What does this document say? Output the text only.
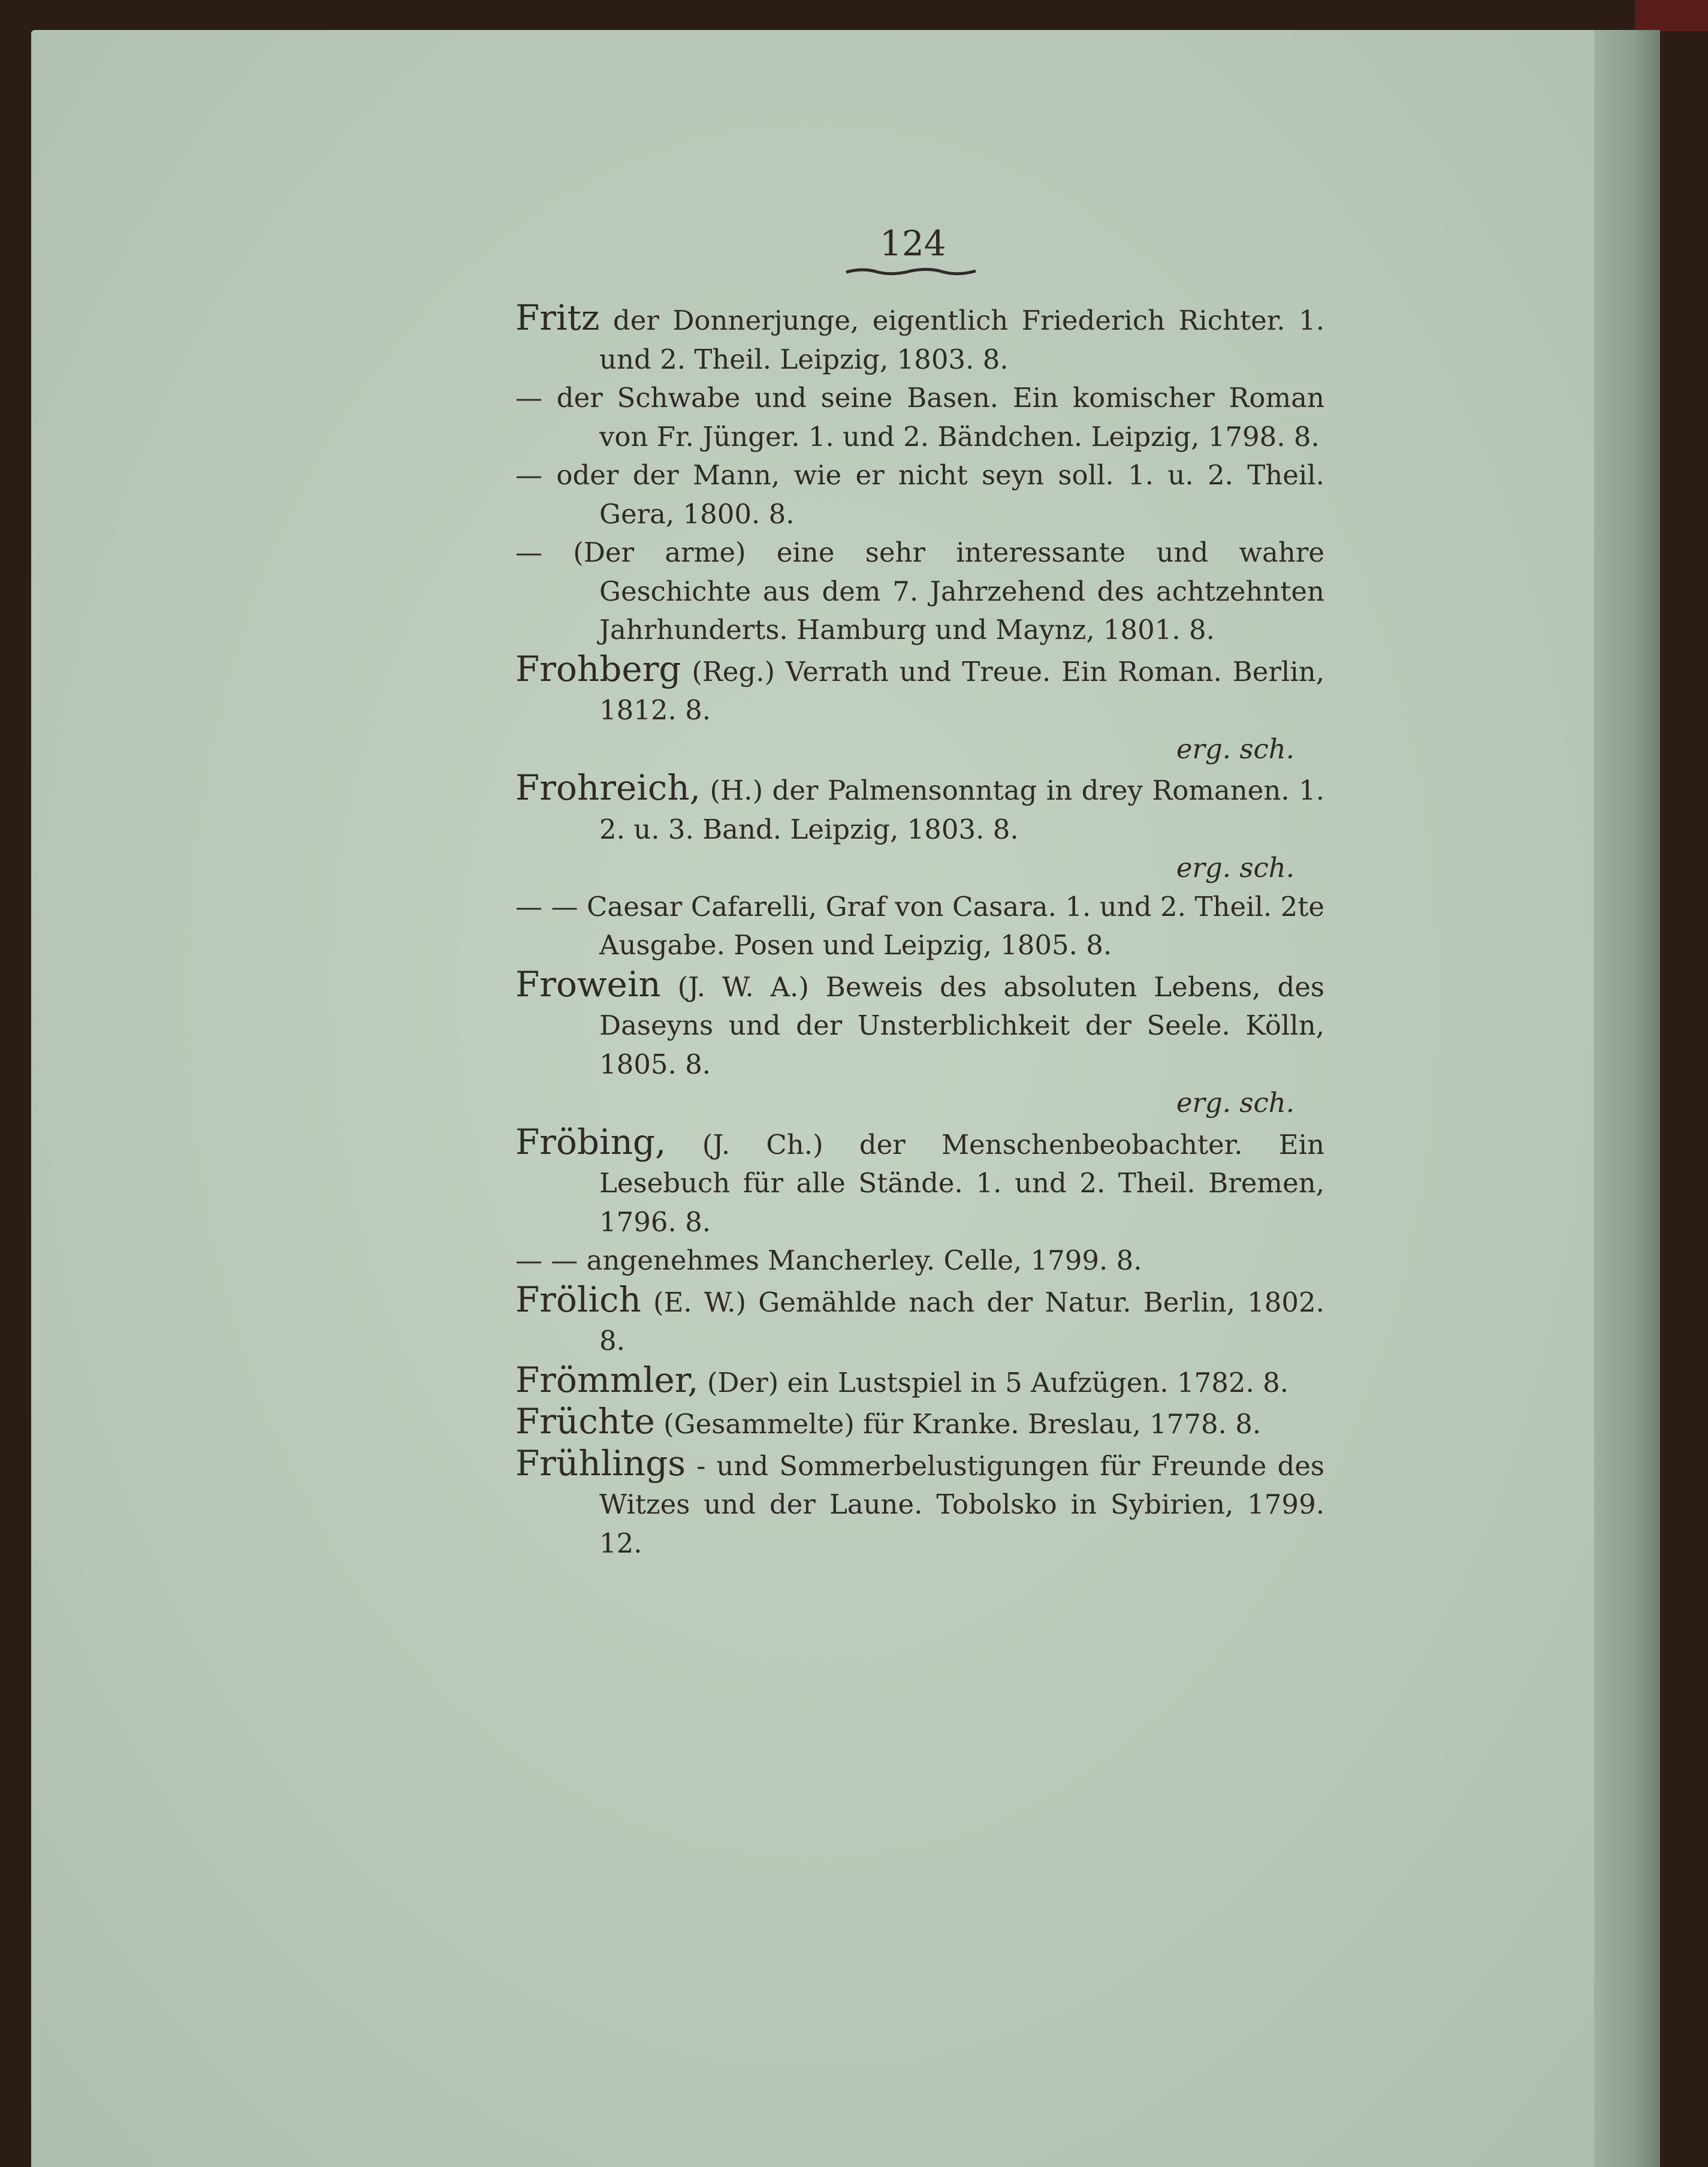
124
Fritz der Donnerjunge, eigentlich Friederich Richter. 1. und 2. Theil. Leipzig, 1803. 8.
— der Schwabe und seine Basen. Ein komischer Roman von Fr. Jünger. 1. und 2. Bändchen. Leipzig, 1798. 8.
— oder der Mann, wie er nicht seyn soll. 1. u. 2. Theil. Gera, 1800. 8.
— (Der arme) eine sehr interessante und wahre Geschichte aus dem 7. Jahrzehend des achtzehnten Jahrhunderts. Hamburg und Maynz, 1801. 8.
Frohberg (Reg.) Verrath und Treue. Ein Roman. Berlin, 1812. 8.
erg. sch.
Frohreich, (H.) der Palmensonntag in drey Romanen. 1. 2. u. 3. Band. Leipzig, 1803. 8.
erg. sch.
— — Caesar Cafarelli, Graf von Casara. 1. und 2. Theil. 2te Ausgabe. Posen und Leipzig, 1805. 8.
Frowein (J. W. A.) Beweis des absoluten Lebens, des Daseyns und der Unsterblichkeit der Seele. Kölln, 1805. 8.
erg. sch.
Fröbing, (J. Ch.) der Menschenbeobachter. Ein Lesebuch für alle Stände. 1. und 2. Theil. Bremen, 1796. 8.
— — angenehmes Mancherley. Celle, 1799. 8.
Frölich (E. W.) Gemählde nach der Natur. Berlin, 1802. 8.
Frömmler, (Der) ein Lustspiel in 5 Aufzügen. 1782. 8.
Früchte (Gesammelte) für Kranke. Breslau, 1778. 8.
Frühlings - und Sommerbelustigungen für Freunde des Witzes und der Laune. Tobolsko in Sybirien, 1799. 12.
